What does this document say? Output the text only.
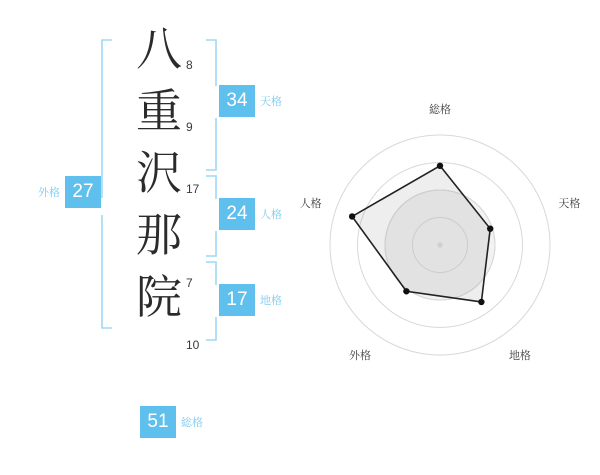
八
重
沢
那
院
8
9
17
7
10
34	天格
24	人格
17	地格
27
外格
51	総格
総格
天格
地格
外格
人格
